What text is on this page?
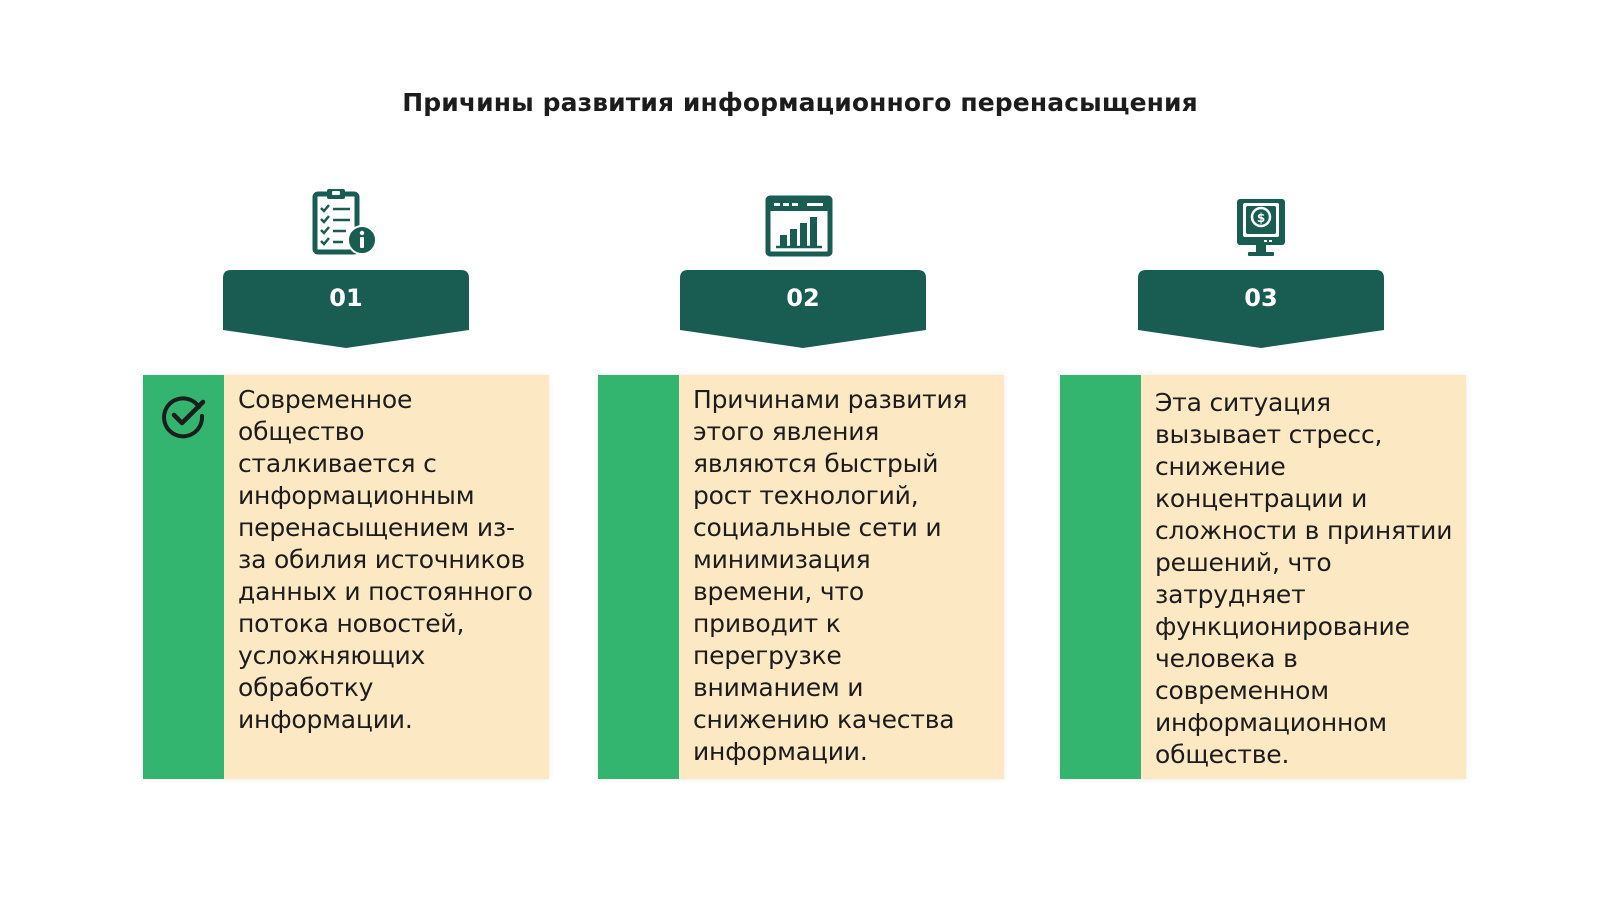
Причины развития информационного перенасыщения
$
01	02	03
Современное общество сталкивается с информационным перенасыщением из-за обилия источников данных и постоянного потока новостей, усложняющих обработку информации.
Причинами развития этого явления являются быстрый рост технологий, социальные сети и минимизация времени, что приводит к перегрузке вниманием и снижению качества информации.
Эта ситуация вызывает стресс, снижение концентрации и сложности в принятии решений, что затрудняет функционирование человека в современном информационном обществе.
